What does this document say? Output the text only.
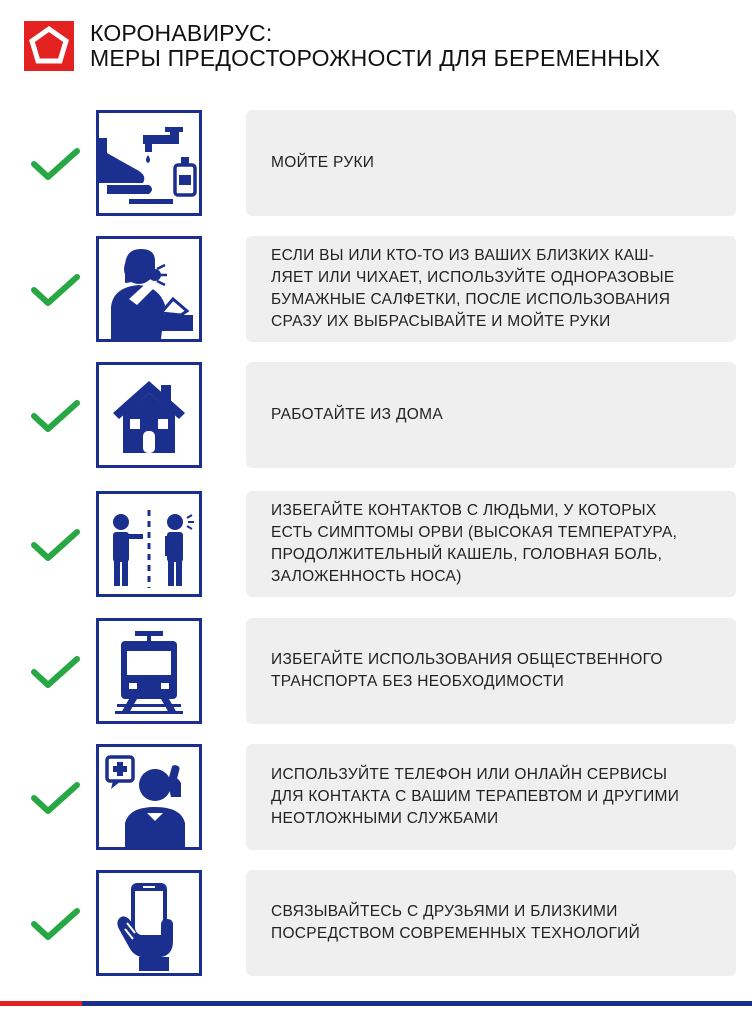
КОРОНАВИРУС:
МЕРЫ ПРЕДОСТОРОЖНОСТИ ДЛЯ БЕРЕМЕННЫХ
МОЙТЕ РУКИ
ЕСЛИ ВЫ ИЛИ КТО-ТО ИЗ ВАШИХ БЛИЗКИХ КАШ-
ЛЯЕТ ИЛИ ЧИХАЕТ, ИСПОЛЬЗУЙТЕ ОДНОРАЗОВЫЕ
БУМАЖНЫЕ САЛФЕТКИ, ПОСЛЕ ИСПОЛЬЗОВАНИЯ
СРАЗУ ИХ ВЫБРАСЫВАЙТЕ И МОЙТЕ РУКИ
РАБОТАЙТЕ ИЗ ДОМА
ИЗБЕГАЙТЕ КОНТАКТОВ С ЛЮДЬМИ, У КОТОРЫХ
ЕСТЬ СИМПТОМЫ ОРВИ (ВЫСОКАЯ ТЕМПЕРАТУРА,
ПРОДОЛЖИТЕЛЬНЫЙ КАШЕЛЬ, ГОЛОВНАЯ БОЛЬ,
ЗАЛОЖЕННОСТЬ НОСА)
ИЗБЕГАЙТЕ ИСПОЛЬЗОВАНИЯ ОБЩЕСТВЕННОГО
ТРАНСПОРТА БЕЗ НЕОБХОДИМОСТИ
ИСПОЛЬЗУЙТЕ ТЕЛЕФОН ИЛИ ОНЛАЙН СЕРВИСЫ
ДЛЯ КОНТАКТА С ВАШИМ ТЕРАПЕВТОМ И ДРУГИМИ
НЕОТЛОЖНЫМИ СЛУЖБАМИ
СВЯЗЫВАЙТЕСЬ С ДРУЗЬЯМИ И БЛИЗКИМИ
ПОСРЕДСТВОМ СОВРЕМЕННЫХ ТЕХНОЛОГИЙ
